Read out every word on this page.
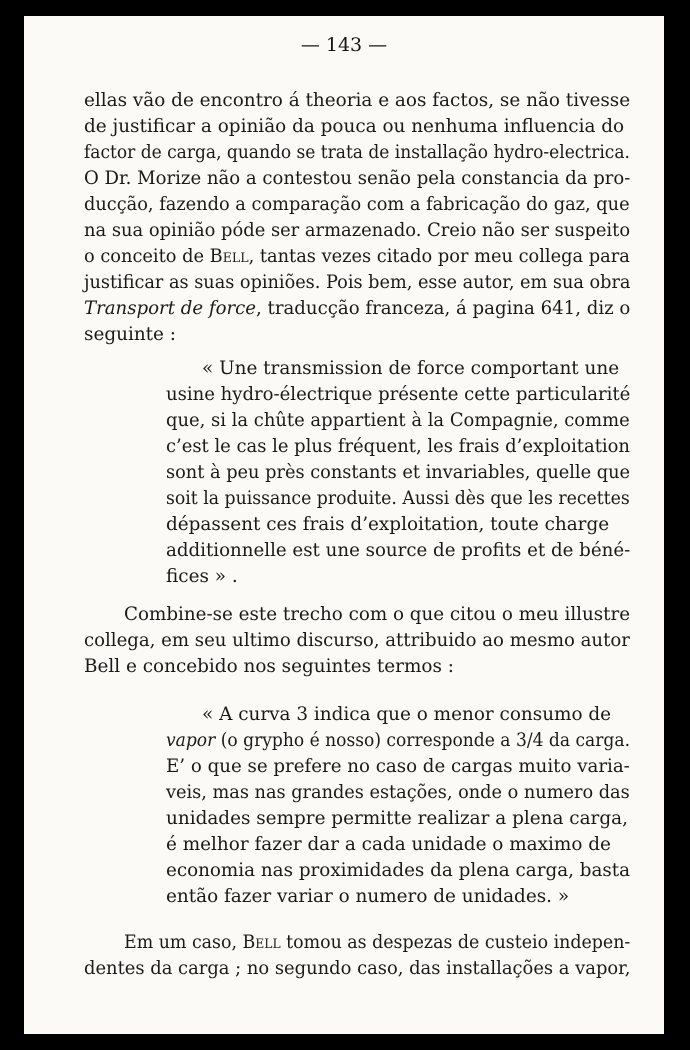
— 143 —
ellas vão de encontro á theoria e aos factos, se não tivesse
de justificar a opinião da pouca ou nenhuma influencia do
factor de carga, quando se trata de installação hydro-electrica.
O Dr. Morize não a contestou senão pela constancia da pro-
ducção, fazendo a comparação com a fabricação do gaz, que
na sua opinião póde ser armazenado. Creio não ser suspeito
o conceito de Bell, tantas vezes citado por meu collega para
justificar as suas opiniões. Pois bem, esse autor, em sua obra
Transport de force, traducção franceza, á pagina 641, diz o
seguinte :
« Une transmission de force comportant une
usine hydro-électrique présente cette particularité
que, si la chûte appartient à la Compagnie, comme
c’est le cas le plus fréquent, les frais d’exploitation
sont à peu près constants et invariables, quelle que
soit la puissance produite. Aussi dès que les recettes
dépassent ces frais d’exploitation, toute charge
additionnelle est une source de profits et de béné-
fices » .
Combine-se este trecho com o que citou o meu illustre
collega, em seu ultimo discurso, attribuido ao mesmo autor
Bell e concebido nos seguintes termos :
« A curva 3 indica que o menor consumo de
vapor (o grypho é nosso) corresponde a 3/4 da carga.
E’ o que se prefere no caso de cargas muito varia-
veis, mas nas grandes estações, onde o numero das
unidades sempre permitte realizar a plena carga,
é melhor fazer dar a cada unidade o maximo de
economia nas proximidades da plena carga, basta
então fazer variar o numero de unidades. »
Em um caso, Bell tomou as despezas de custeio indepen-
dentes da carga ; no segundo caso, das installações a vapor,
